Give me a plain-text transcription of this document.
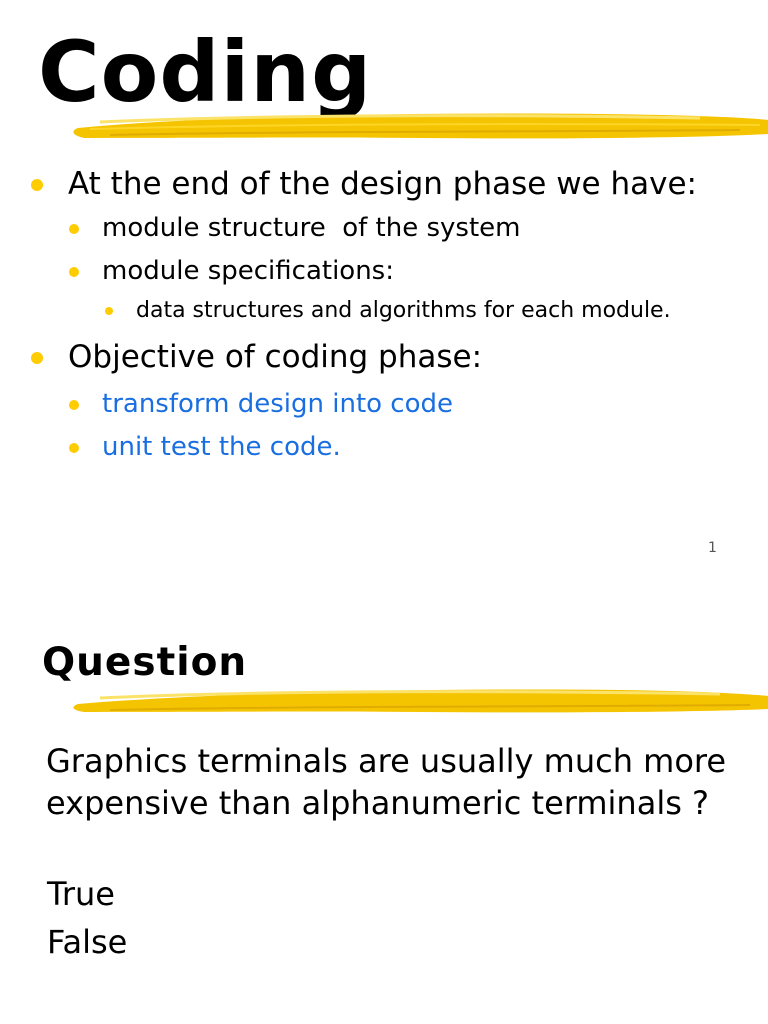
Coding
At the end of the design phase we have:
module structure  of the system
module specifications:
data structures and algorithms for each module.
Objective of coding phase:
transform design into code
unit test the code.
1
Question

Graphics terminals are usually much more expensive than alphanumeric terminals ?

True
False
